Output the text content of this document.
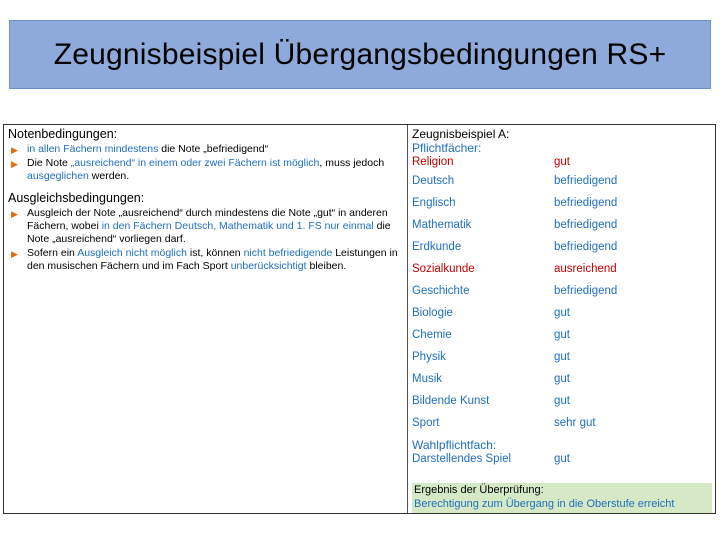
Zeugnisbeispiel Übergangsbedingungen RS+

Notenbedingungen:

▶ in allen Fächern mindestens die Note „befriedigend“
▶ Die Note „ausreichend“ in einem oder zwei Fächern ist möglich, muss jedoch ausgeglichen werden.

Ausgleichsbedingungen:

▶ Ausgleich der Note „ausreichend“ durch mindestens die Note „gut“ in anderen Fächern, wobei in den Fächern Deutsch, Mathematik und 1. FS nur einmal die Note „ausreichend“ vorliegen darf.
▶ Sofern ein Ausgleich nicht möglich ist, können nicht befriedigende Leistungen in den musischen Fächern und im Fach Sport unberücksichtigt bleiben.
Zeugnisbeispiel A:
Pflichtfächer:
Religion	gut
Deutsch	befriedigend
Englisch	befriedigend
Mathematik	befriedigend
Erdkunde	befriedigend
Sozialkunde	ausreichend
Geschichte	befriedigend
Biologie	gut
Chemie	gut
Physik	gut
Musik	gut
Bildende Kunst	gut
Sport	sehr gut
Wahlpflichtfach:
Darstellendes Spiel	gut
Ergebnis der Überprüfung:
Berechtigung zum Übergang in die Oberstufe erreicht
